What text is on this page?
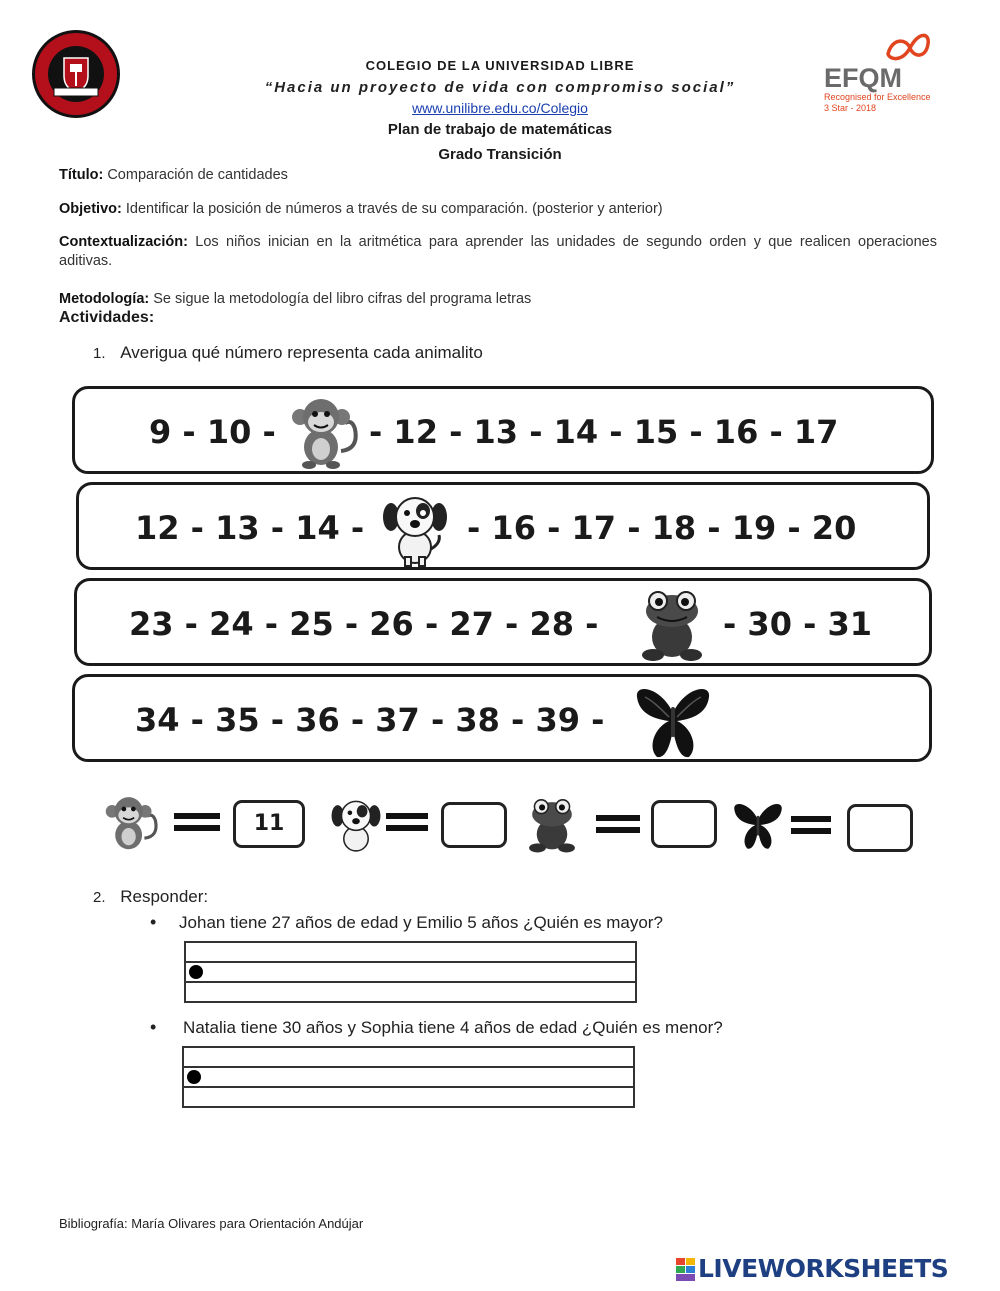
COLEGIO DE LA UNIVERSIDAD LIBRE
“Hacia un proyecto de vida con compromiso social”
www.unilibre.edu.co/Colegio
Plan de trabajo de matemáticas
Grado Transición
EFQM
Recognised for Excellence
3 Star - 2018
Título: Comparación de cantidades
Objetivo: Identificar la posición de números a través de su comparación. (posterior y anterior)
Contextualización: Los niños inician en la aritmética para aprender las unidades de segundo orden y que realicen operaciones aditivas.
Metodología: Se sigue la metodología del libro cifras del programa letras
Actividades:
1. Averigua qué número representa cada animalito
9 - 10 -	- 12 - 13 - 14 - 15 - 16 - 17
12 - 13 - 14 -	- 16 - 17 - 18 - 19 - 20
23 - 24 - 25 - 26 - 27 - 28 -	- 30 - 31
34 - 35 - 36 - 37 - 38 - 39 -
11
2. Responder:
• Johan tiene 27 años de edad y Emilio 5 años ¿Quién es mayor?
• Natalia tiene 30 años y Sophia tiene 4 años de edad ¿Quién es menor?
Bibliografía: María Olivares para Orientación Andújar
LIVEWORKSHEETS
